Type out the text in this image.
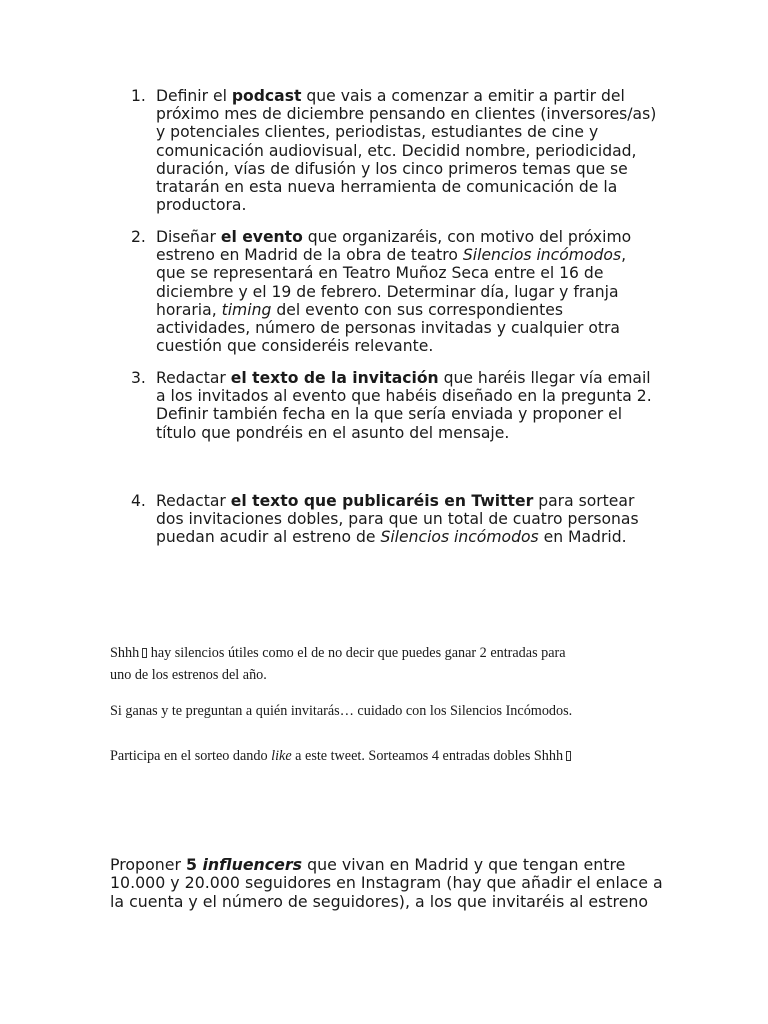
1. Definir el podcast que vais a comenzar a emitir a partir del
próximo mes de diciembre pensando en clientes (inversores/as)
y potenciales clientes, periodistas, estudiantes de cine y
comunicación audiovisual, etc. Decidid nombre, periodicidad,
duración, vías de difusión y los cinco primeros temas que se
tratarán en esta nueva herramienta de comunicación de la
productora.
2. Diseñar el evento que organizaréis, con motivo del próximo
estreno en Madrid de la obra de teatro Silencios incómodos,
que se representará en Teatro Muñoz Seca entre el 16 de
diciembre y el 19 de febrero. Determinar día, lugar y franja
horaria, timing del evento con sus correspondientes
actividades, número de personas invitadas y cualquier otra
cuestión que consideréis relevante.
3. Redactar el texto de la invitación que haréis llegar vía email
a los invitados al evento que habéis diseñado en la pregunta 2.
Definir también fecha en la que sería enviada y proponer el
título que pondréis en el asunto del mensaje.
4. Redactar el texto que publicaréis en Twitter para sortear
dos invitaciones dobles, para que un total de cuatro personas
puedan acudir al estreno de Silencios incómodos en Madrid.
Shhh hay silencios útiles como el de no decir que puedes ganar 2 entradas para
uno de los estrenos del año.
Si ganas y te preguntan a quién invitarás… cuidado con los Silencios Incómodos.
Participa en el sorteo dando like a este tweet. Sorteamos 4 entradas dobles Shhh
Proponer 5 influencers que vivan en Madrid y que tengan entre
10.000 y 20.000 seguidores en Instagram (hay que añadir el enlace a
la cuenta y el número de seguidores), a los que invitaréis al estreno
